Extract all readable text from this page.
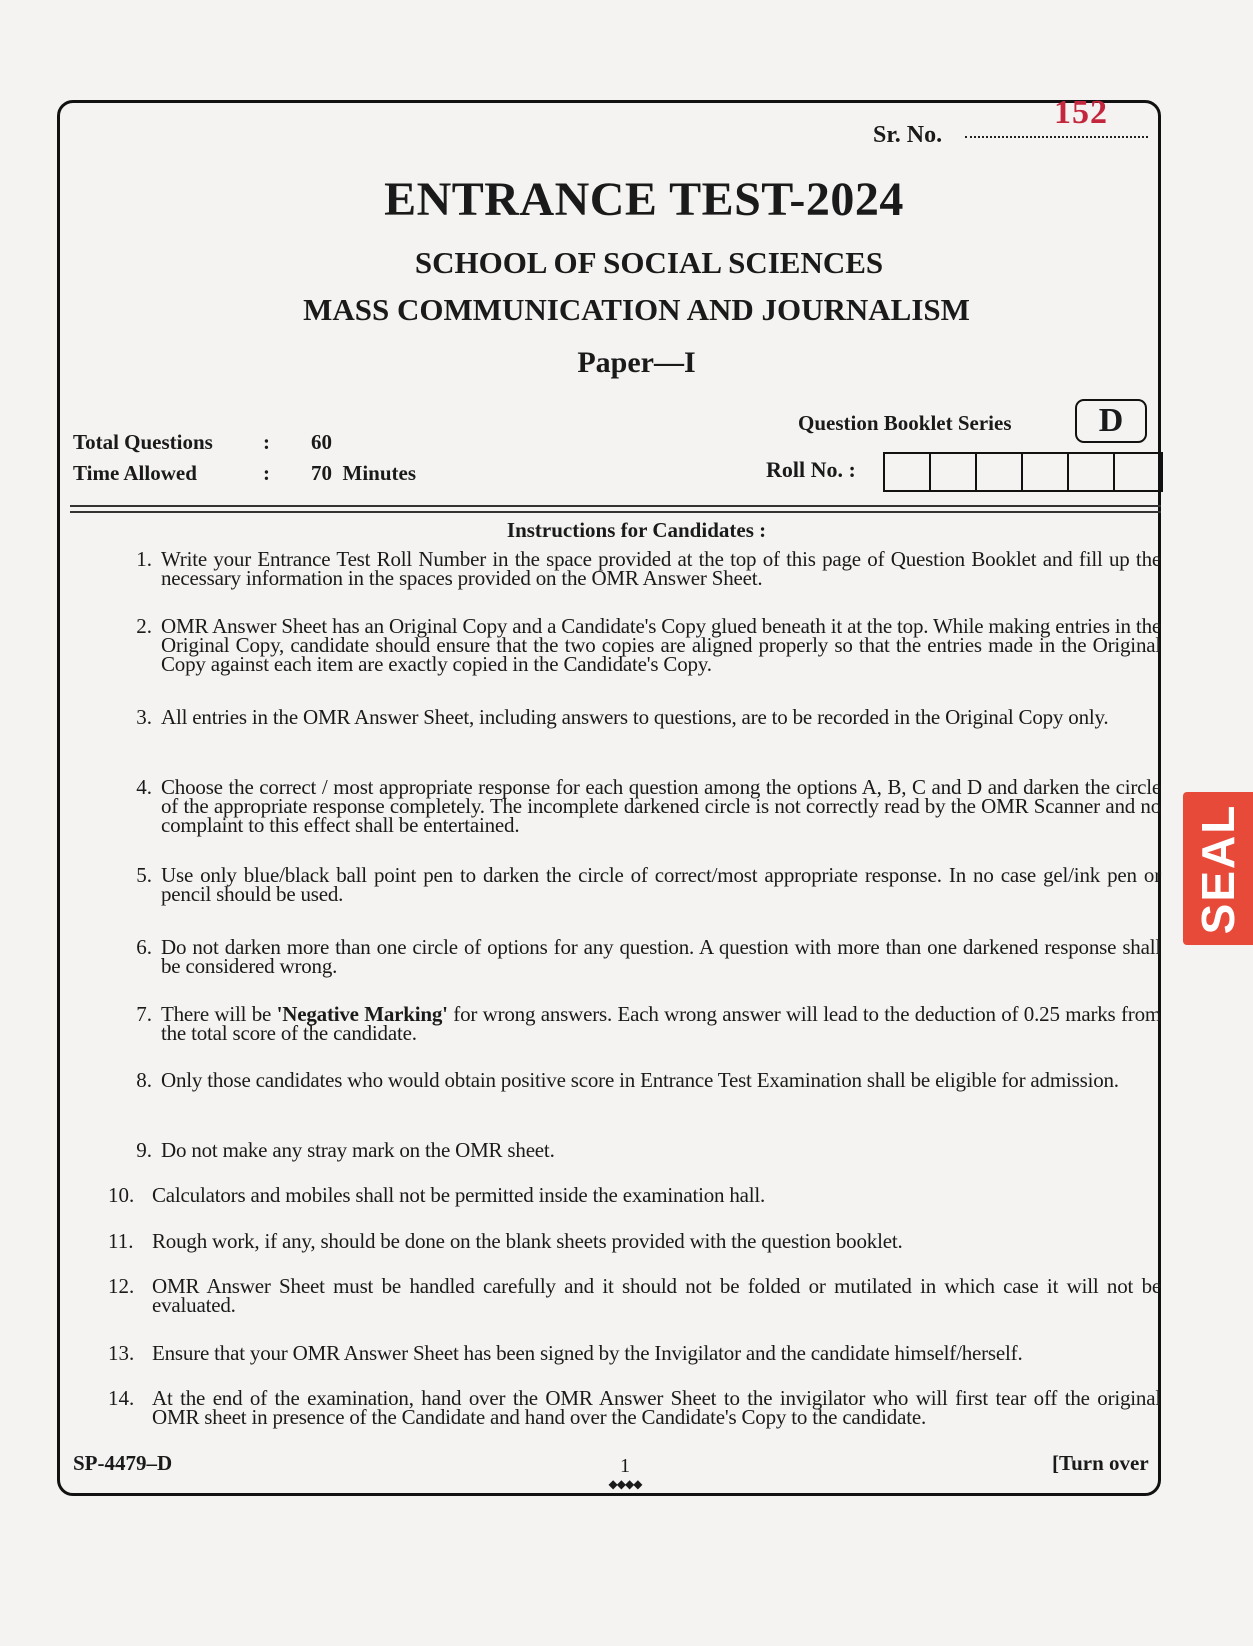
Sr. No.
152
ENTRANCE TEST-2024
SCHOOL OF SOCIAL SCIENCES
MASS COMMUNICATION AND JOURNALISM
Paper—I
Total Questions : 60
Time Allowed	: 70  Minutes
Question Booklet Series	D
Roll No. :
Instructions for Candidates :
1. Write your Entrance Test Roll Number in the space provided at the top of this page of Question Booklet and fill up the necessary information in the spaces provided on the OMR Answer Sheet.
2. OMR Answer Sheet has an Original Copy and a Candidate's Copy glued beneath it at the top. While making entries in the Original Copy, candidate should ensure that the two copies are aligned properly so that the entries made in the Original Copy against each item are exactly copied in the Candidate's Copy.
3. All entries in the OMR Answer Sheet, including answers to questions, are to be recorded in the Original Copy only.
4. Choose the correct / most appropriate response for each question among the options A, B, C and D and darken the circle of the appropriate response completely. The incomplete darkened circle is not correctly read by the OMR Scanner and no complaint to this effect shall be entertained.
5. Use only blue/black ball point pen to darken the circle of correct/most appropriate response. In no case gel/ink pen or pencil should be used.
6. Do not darken more than one circle of options for any question. A question with more than one darkened response shall be considered wrong.
7. There will be 'Negative Marking' for wrong answers. Each wrong answer will lead to the deduction of 0.25 marks from the total score of the candidate.
8. Only those candidates who would obtain positive score in Entrance Test Examination shall be eligible for admission.
9. Do not make any stray mark on the OMR sheet.
10. Calculators and mobiles shall not be permitted inside the examination hall.
11. Rough work, if any, should be done on the blank sheets provided with the question booklet.
12. OMR Answer Sheet must be handled carefully and it should not be folded or mutilated in which case it will not be evaluated.
13. Ensure that your OMR Answer Sheet has been signed by the Invigilator and the candidate himself/herself.
14. At the end of the examination, hand over the OMR Answer Sheet to the invigilator who will first tear off the original OMR sheet in presence of the Candidate and hand over the Candidate's Copy to the candidate.
SP-4479–D	1
◆◆◆◆
[Turn over
SEAL
